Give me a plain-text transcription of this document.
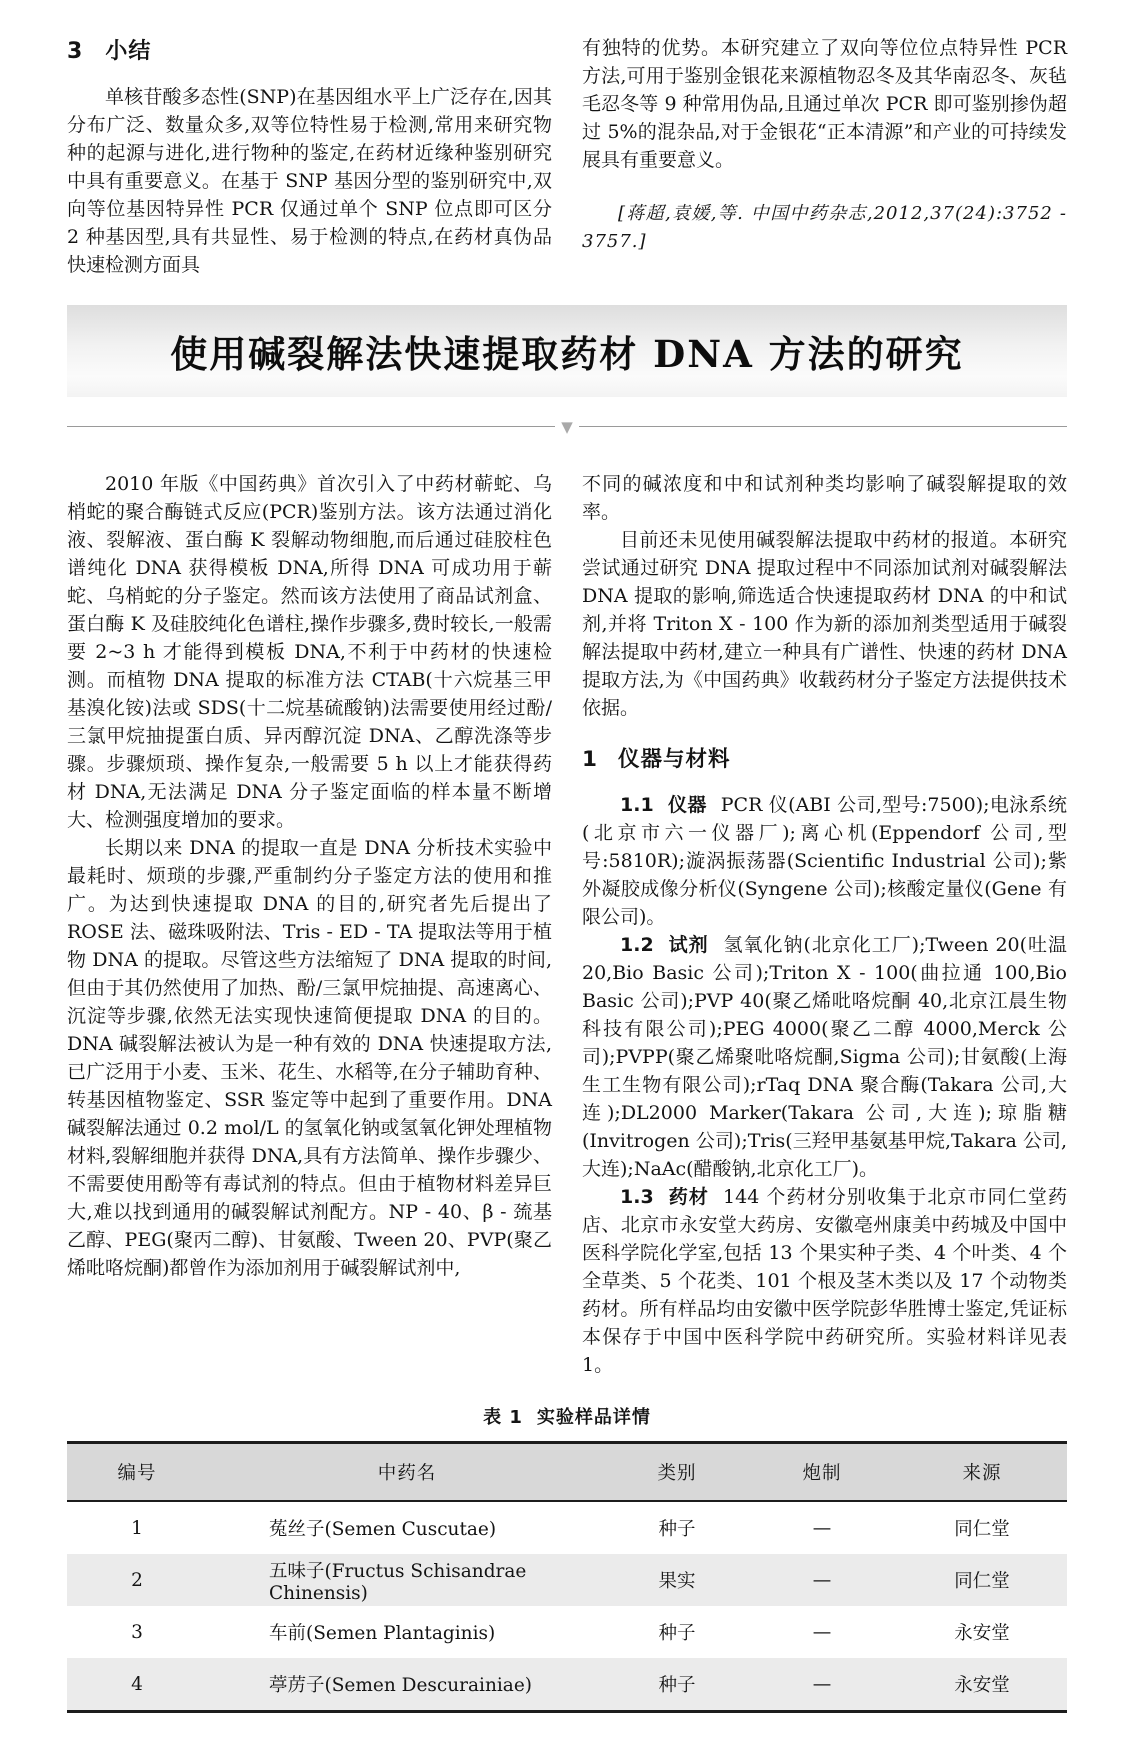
3 小结

单核苷酸多态性(SNP)在基因组水平上广泛存在,因其分布广泛、数量众多,双等位特性易于检测,常用来研究物种的起源与进化,进行物种的鉴定,在药材近缘种鉴别研究中具有重要意义。在基于 SNP 基因分型的鉴别研究中,双向等位基因特异性 PCR 仅通过单个 SNP 位点即可区分 2 种基因型,具有共显性、易于检测的特点,在药材真伪品快速检测方面具

有独特的优势。本研究建立了双向等位位点特异性 PCR 方法,可用于鉴别金银花来源植物忍冬及其华南忍冬、灰毡毛忍冬等 9 种常用伪品,且通过单次 PCR 即可鉴别掺伪超过 5%的混杂品,对于金银花“正本清源”和产业的可持续发展具有重要意义。

[蒋超,袁媛,等. 中国中药杂志,2012,37(24):3752 - 3757.]

使用碱裂解法快速提取药材 DNA 方法的研究
▼

2010 年版《中国药典》首次引入了中药材蕲蛇、乌梢蛇的聚合酶链式反应(PCR)鉴别方法。该方法通过消化液、裂解液、蛋白酶 K 裂解动物细胞,而后通过硅胶柱色谱纯化 DNA 获得模板 DNA,所得 DNA 可成功用于蕲蛇、乌梢蛇的分子鉴定。然而该方法使用了商品试剂盒、蛋白酶 K 及硅胶纯化色谱柱,操作步骤多,费时较长,一般需要 2~3 h 才能得到模板 DNA,不利于中药材的快速检测。而植物 DNA 提取的标准方法 CTAB(十六烷基三甲基溴化铵)法或 SDS(十二烷基硫酸钠)法需要使用经过酚/三氯甲烷抽提蛋白质、异丙醇沉淀 DNA、乙醇洗涤等步骤。步骤烦琐、操作复杂,一般需要 5 h 以上才能获得药材 DNA,无法满足 DNA 分子鉴定面临的样本量不断增大、检测强度增加的要求。

长期以来 DNA 的提取一直是 DNA 分析技术实验中最耗时、烦琐的步骤,严重制约分子鉴定方法的使用和推广。为达到快速提取 DNA 的目的,研究者先后提出了 ROSE 法、磁珠吸附法、Tris - ED - TA 提取法等用于植物 DNA 的提取。尽管这些方法缩短了 DNA 提取的时间,但由于其仍然使用了加热、酚/三氯甲烷抽提、高速离心、沉淀等步骤,依然无法实现快速简便提取 DNA 的目的。DNA 碱裂解法被认为是一种有效的 DNA 快速提取方法,已广泛用于小麦、玉米、花生、水稻等,在分子辅助育种、转基因植物鉴定、SSR 鉴定等中起到了重要作用。DNA 碱裂解法通过 0.2 mol/L 的氢氧化钠或氢氧化钾处理植物材料,裂解细胞并获得 DNA,具有方法简单、操作步骤少、不需要使用酚等有毒试剂的特点。但由于植物材料差异巨大,难以找到通用的碱裂解试剂配方。NP - 40、β - 巯基乙醇、PEG(聚丙二醇)、甘氨酸、Tween 20、PVP(聚乙烯吡咯烷酮)都曾作为添加剂用于碱裂解试剂中,

不同的碱浓度和中和试剂种类均影响了碱裂解提取的效率。

目前还未见使用碱裂解法提取中药材的报道。本研究尝试通过研究 DNA 提取过程中不同添加试剂对碱裂解法 DNA 提取的影响,筛选适合快速提取药材 DNA 的中和试剂,并将 Triton X - 100 作为新的添加剂类型适用于碱裂解法提取中药材,建立一种具有广谱性、快速的药材 DNA 提取方法,为《中国药典》收载药材分子鉴定方法提供技术依据。

1 仪器与材料

1.1 仪器 PCR 仪(ABI 公司,型号:7500);电泳系统(北京市六一仪器厂);离心机(Eppendorf 公司,型号:5810R);漩涡振荡器(Scientific Industrial 公司);紫外凝胶成像分析仪(Syngene 公司);核酸定量仪(Gene 有限公司)。

1.2 试剂 氢氧化钠(北京化工厂);Tween 20(吐温 20,Bio Basic 公司);Triton X - 100(曲拉通 100,Bio Basic 公司);PVP 40(聚乙烯吡咯烷酮 40,北京江晨生物科技有限公司);PEG 4000(聚乙二醇 4000,Merck 公司);PVPP(聚乙烯聚吡咯烷酮,Sigma 公司);甘氨酸(上海生工生物有限公司);rTaq DNA 聚合酶(Takara 公司,大连);DL2000 Marker(Takara 公司,大连);琼脂糖(Invitrogen 公司);Tris(三羟甲基氨基甲烷,Takara 公司,大连);NaAc(醋酸钠,北京化工厂)。

1.3 药材 144 个药材分别收集于北京市同仁堂药店、北京市永安堂大药房、安徽亳州康美中药城及中国中医科学院化学室,包括 13 个果实种子类、4 个叶类、4 个全草类、5 个花类、101 个根及茎木类以及 17 个动物类药材。所有样品均由安徽中医学院彭华胜博士鉴定,凭证标本保存于中国中医科学院中药研究所。实验材料详见表 1。

表 1 实验样品详情
编号	中药名	类别	炮制	来源
1	菟丝子(Semen Cuscutae)	种子	—	同仁堂
2	五味子(Fructus Schisandrae Chinensis)	果实	—	同仁堂
3	车前(Semen Plantaginis)	种子	—	永安堂
4	葶苈子(Semen Descurainiae)	种子	—	永安堂
